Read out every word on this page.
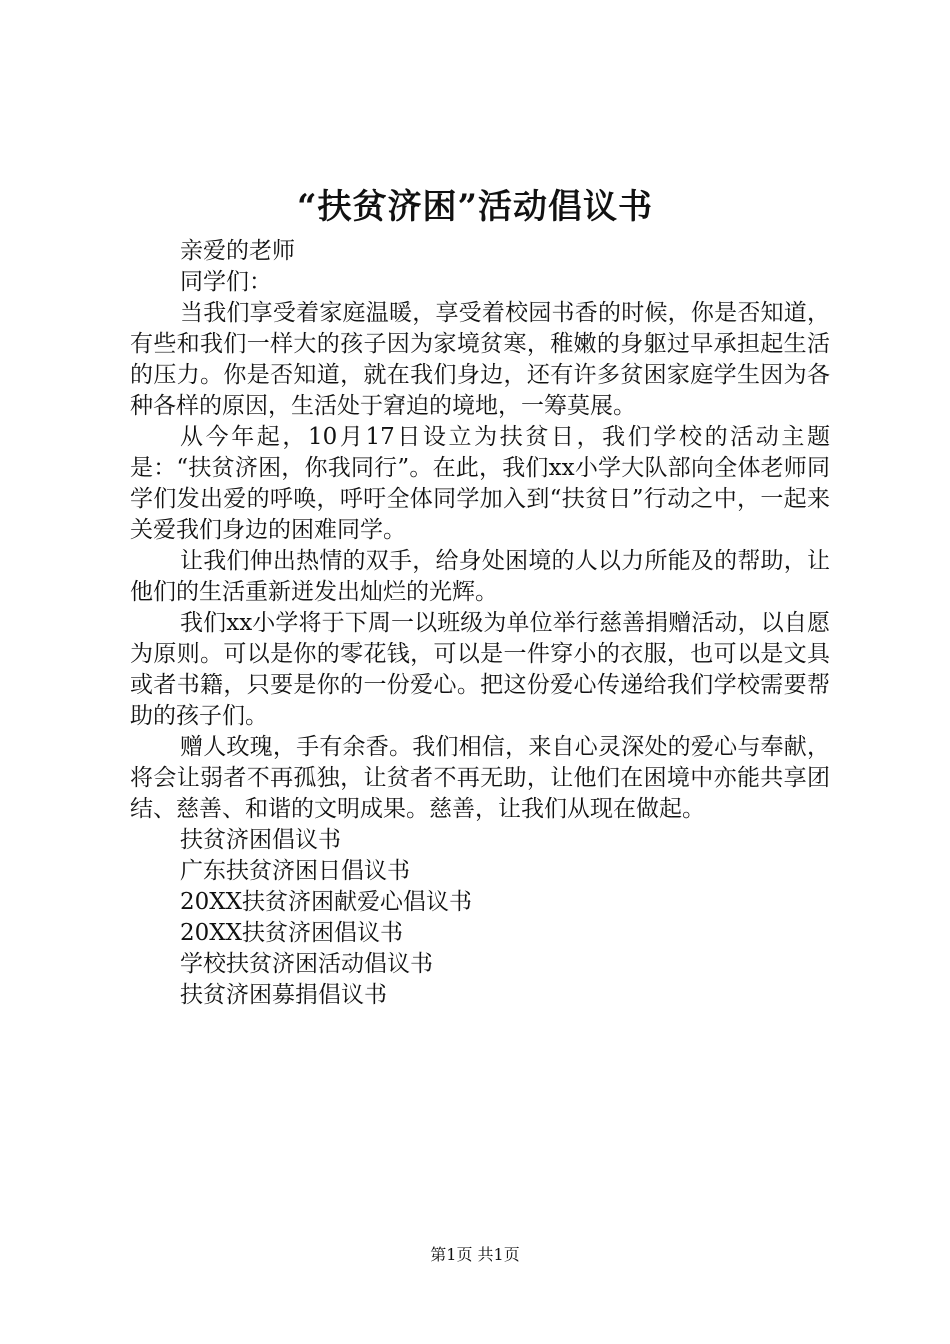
“扶贫济困”活动倡议书
亲爱的老师
同学们：
当我们享受着家庭温暖，享受着校园书香的时候，你是否知道，有些和我们一样大的孩子因为家境贫寒，稚嫩的身躯过早承担起生活的压力。你是否知道，就在我们身边，还有许多贫困家庭学生因为各种各样的原因，生活处于窘迫的境地，一筹莫展。
从今年起，10月17日设立为扶贫日，我们学校的活动主题是：“扶贫济困，你我同行”。在此，我们xx小学大队部向全体老师同学们发出爱的呼唤，呼吁全体同学加入到“扶贫日”行动之中，一起来关爱我们身边的困难同学。
让我们伸出热情的双手，给身处困境的人以力所能及的帮助，让他们的生活重新迸发出灿烂的光辉。
我们xx小学将于下周一以班级为单位举行慈善捐赠活动，以自愿为原则。可以是你的零花钱，可以是一件穿小的衣服，也可以是文具或者书籍，只要是你的一份爱心。把这份爱心传递给我们学校需要帮助的孩子们。
赠人玫瑰，手有余香。我们相信，来自心灵深处的爱心与奉献，将会让弱者不再孤独，让贫者不再无助，让他们在困境中亦能共享团结、慈善、和谐的文明成果。慈善，让我们从现在做起。
扶贫济困倡议书
广东扶贫济困日倡议书
20XX扶贫济困献爱心倡议书
20XX扶贫济困倡议书
学校扶贫济困活动倡议书
扶贫济困募捐倡议书
第1页 共1页
